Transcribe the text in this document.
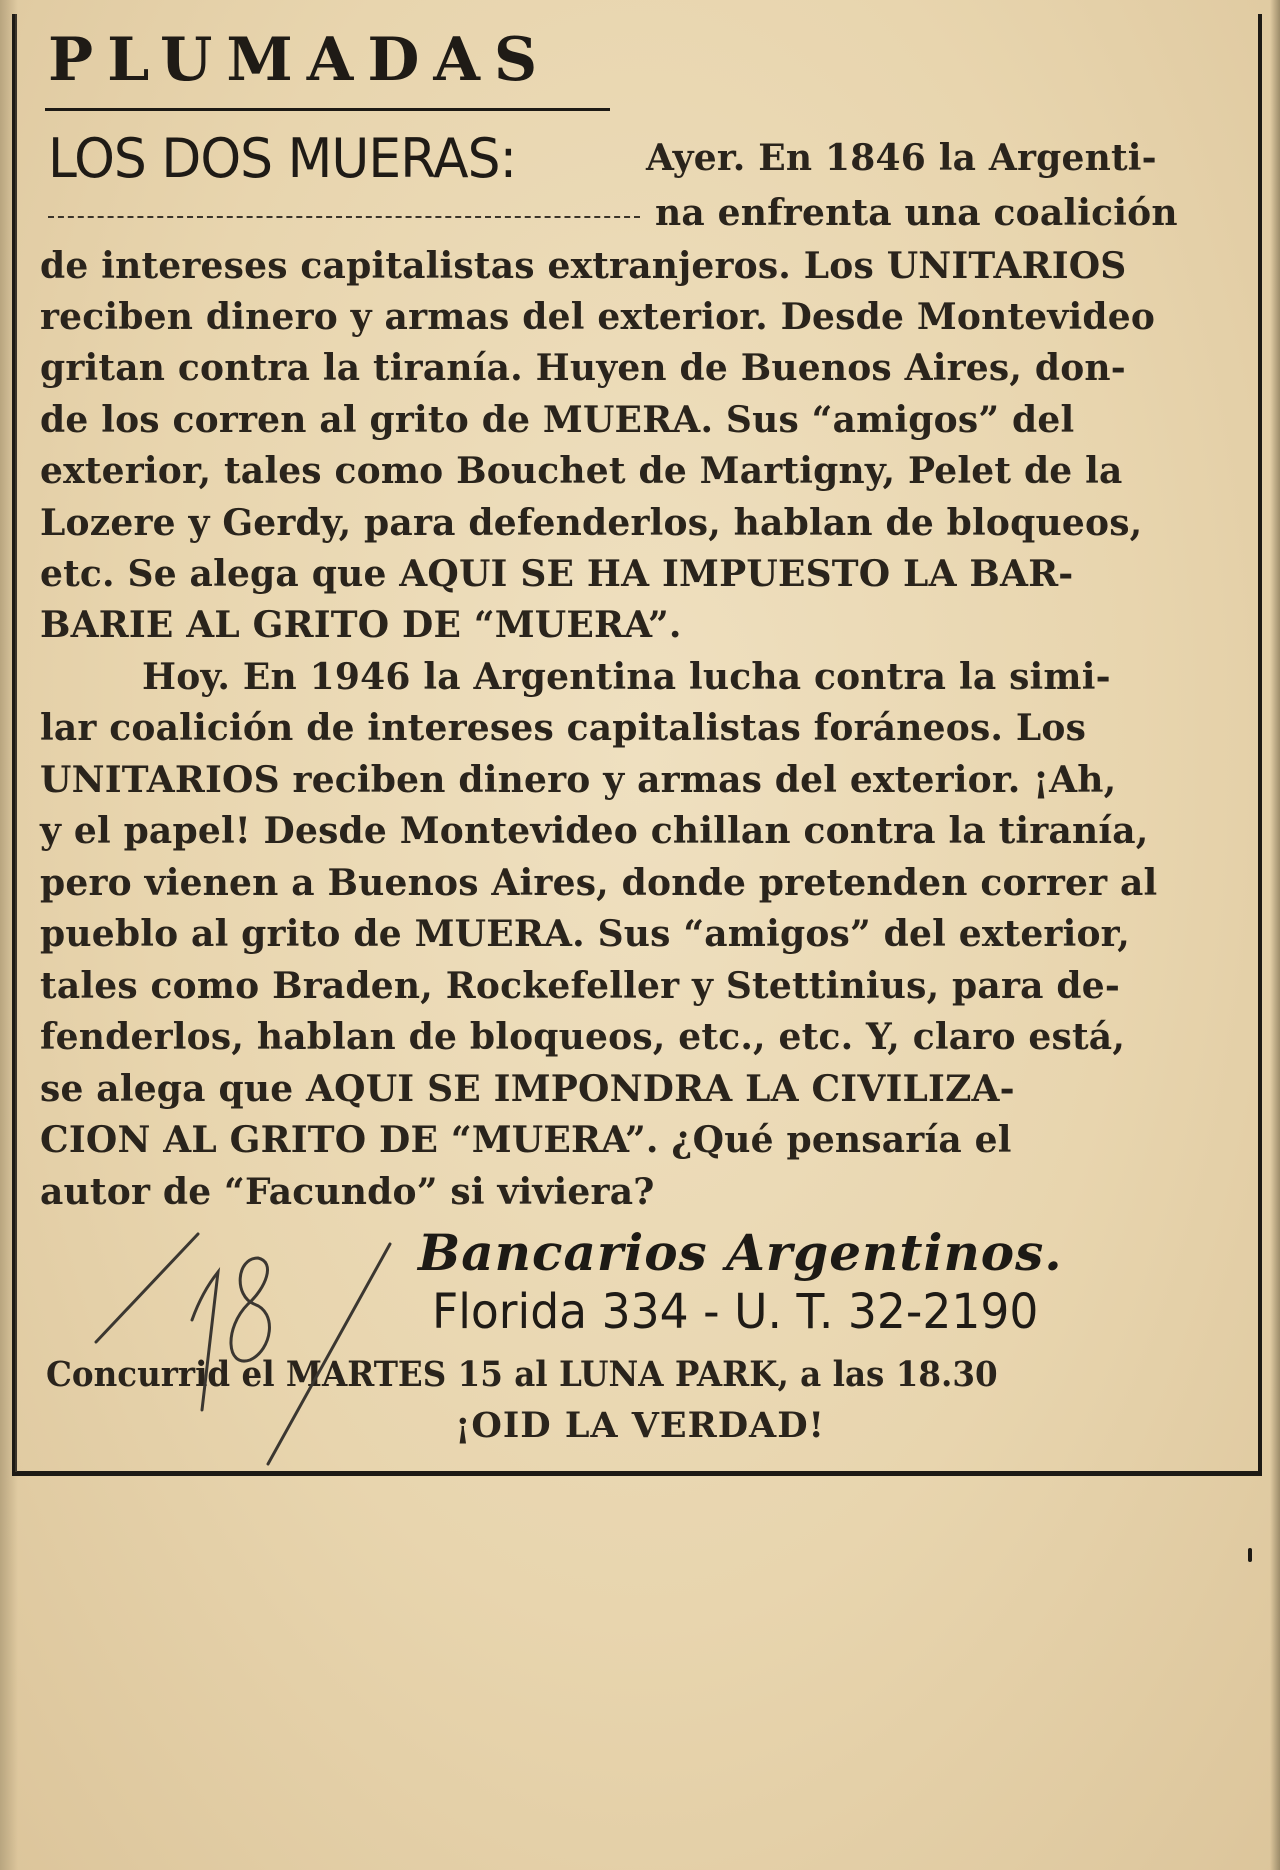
PLUMADAS
LOS DOS MUERAS:	Ayer. En 1846 la Argenti-
na enfrenta una coalición
de intereses capitalistas extranjeros. Los UNITARIOS
reciben dinero y armas del exterior. Desde Montevideo
gritan contra la tiranía. Huyen de Buenos Aires, don-
de los corren al grito de MUERA. Sus “amigos” del
exterior, tales como Bouchet de Martigny, Pelet de la
Lozere y Gerdy, para defenderlos, hablan de bloqueos,
etc. Se alega que AQUI SE HA IMPUESTO LA BAR-
BARIE AL GRITO DE “MUERA”.
Hoy. En 1946 la Argentina lucha contra la simi-
lar coalición de intereses capitalistas foráneos. Los
UNITARIOS reciben dinero y armas del exterior. ¡Ah,
y el papel! Desde Montevideo chillan contra la tiranía,
pero vienen a Buenos Aires, donde pretenden correr al
pueblo al grito de MUERA. Sus “amigos” del exterior,
tales como Braden, Rockefeller y Stettinius, para de-
fenderlos, hablan de bloqueos, etc., etc. Y, claro está,
se alega que AQUI SE IMPONDRA LA CIVILIZA-
CION AL GRITO DE “MUERA”. ¿Qué pensaría el
autor de “Facundo” si viviera?
Bancarios Argentinos.
Florida 334 - U. T. 32-2190
Concurrid el MARTES 15 al LUNA PARK, a las 18.30
¡OID LA VERDAD!
